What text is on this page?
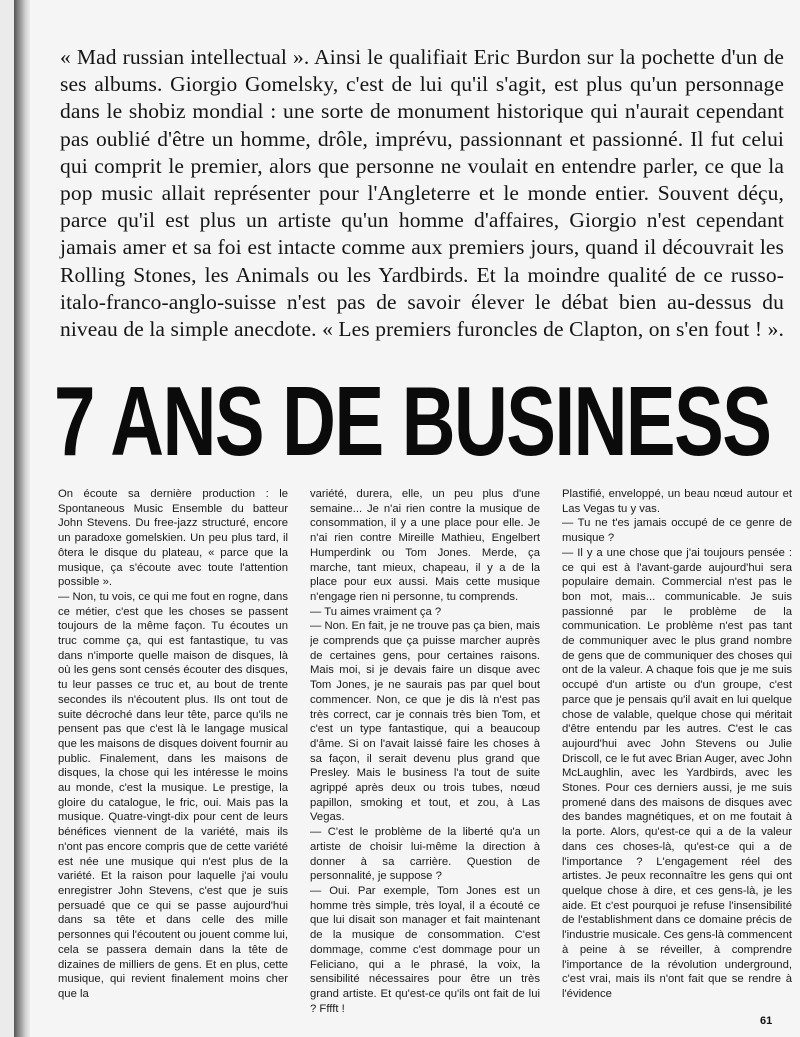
« Mad russian intellectual ». Ainsi le qualifiait Eric Burdon sur la pochette d'un de ses albums. Giorgio Gomelsky, c'est de lui qu'il s'agit, est plus qu'un personnage dans le shobiz mondial : une sorte de monument historique qui n'aurait cependant pas oublié d'être un homme, drôle, imprévu, passionnant et passionné. Il fut celui qui comprit le premier, alors que personne ne voulait en entendre parler, ce que la pop music allait représenter pour l'Angleterre et le monde entier. Souvent déçu, parce qu'il est plus un artiste qu'un homme d'affaires, Giorgio n'est cependant jamais amer et sa foi est intacte comme aux premiers jours, quand il découvrait les Rolling Stones, les Animals ou les Yardbirds. Et la moindre qualité de ce russo-italo-franco-anglo-suisse n'est pas de savoir élever le débat bien au-dessus du niveau de la simple anecdote. « Les premiers furoncles de Clapton, on s'en fout ! ».

7 ANS DE BUSINESS

On écoute sa dernière production : le Spontaneous Music Ensemble du batteur John Stevens. Du free-jazz structuré, encore un paradoxe gomelskien. Un peu plus tard, il ôtera le disque du plateau, « parce que la musique, ça s'écoute avec toute l'attention possible ».
— Non, tu vois, ce qui me fout en rogne, dans ce métier, c'est que les choses se passent toujours de la même façon. Tu écoutes un truc comme ça, qui est fantastique, tu vas dans n'importe quelle maison de disques, là où les gens sont censés écouter des disques, tu leur passes ce truc et, au bout de trente secondes ils n'écoutent plus. Ils ont tout de suite décroché dans leur tête, parce qu'ils ne pensent pas que c'est là le langage musical que les maisons de disques doivent fournir au public. Finalement, dans les maisons de disques, la chose qui les intéresse le moins au monde, c'est la musique. Le prestige, la gloire du catalogue, le fric, oui. Mais pas la musique. Quatre-vingt-dix pour cent de leurs bénéfices viennent de la variété, mais ils n'ont pas encore compris que de cette variété est née une musique qui n'est plus de la variété. Et la raison pour laquelle j'ai voulu enregistrer John Stevens, c'est que je suis persuadé que ce qui se passe aujourd'hui dans sa tête et dans celle des mille personnes qui l'écoutent ou jouent comme lui, cela se passera demain dans la tête de dizaines de milliers de gens. Et en plus, cette musique, qui revient finalement moins cher que la

variété, durera, elle, un peu plus d'une semaine... Je n'ai rien contre la musique de consommation, il y a une place pour elle. Je n'ai rien contre Mireille Mathieu, Engelbert Humperdink ou Tom Jones. Merde, ça marche, tant mieux, chapeau, il y a de la place pour eux aussi. Mais cette musique n'engage rien ni personne, tu comprends.
— Tu aimes vraiment ça ?
— Non. En fait, je ne trouve pas ça bien, mais je comprends que ça puisse marcher auprès de certaines gens, pour certaines raisons. Mais moi, si je devais faire un disque avec Tom Jones, je ne saurais pas par quel bout commencer. Non, ce que je dis là n'est pas très correct, car je connais très bien Tom, et c'est un type fantastique, qui a beaucoup d'âme. Si on l'avait laissé faire les choses à sa façon, il serait devenu plus grand que Presley. Mais le business l'a tout de suite agrippé après deux ou trois tubes, nœud papillon, smoking et tout, et zou, à Las Vegas.
— C'est le problème de la liberté qu'a un artiste de choisir lui-même la direction à donner à sa carrière. Question de personnalité, je suppose ?
— Oui. Par exemple, Tom Jones est un homme très simple, très loyal, il a écouté ce que lui disait son manager et fait maintenant de la musique de consommation. C'est dommage, comme c'est dommage pour un Feliciano, qui a le phrasé, la voix, la sensibilité nécessaires pour être un très grand artiste. Et qu'est-ce qu'ils ont fait de lui ? Fffft !

Plastifié, enveloppé, un beau nœud autour et Las Vegas tu y vas.
— Tu ne t'es jamais occupé de ce genre de musique ?
— Il y a une chose que j'ai toujours pensée : ce qui est à l'avant-garde aujourd'hui sera populaire demain. Commercial n'est pas le bon mot, mais... communicable. Je suis passionné par le problème de la communication. Le problème n'est pas tant de communiquer avec le plus grand nombre de gens que de communiquer des choses qui ont de la valeur. A chaque fois que je me suis occupé d'un artiste ou d'un groupe, c'est parce que je pensais qu'il avait en lui quelque chose de valable, quelque chose qui méritait d'être entendu par les autres. C'est le cas aujourd'hui avec John Stevens ou Julie Driscoll, ce le fut avec Brian Auger, avec John McLaughlin, avec les Yardbirds, avec les Stones. Pour ces derniers aussi, je me suis promené dans des maisons de disques avec des bandes magnétiques, et on me foutait à la porte. Alors, qu'est-ce qui a de la valeur dans ces choses-là, qu'est-ce qui a de l'importance ? L'engagement réel des artistes. Je peux reconnaître les gens qui ont quelque chose à dire, et ces gens-là, je les aide. Et c'est pourquoi je refuse l'insensibilité de l'establishment dans ce domaine précis de l'industrie musicale. Ces gens-là commencent à peine à se réveiller, à comprendre l'importance de la révolution underground, c'est vrai, mais ils n'ont fait que se rendre à l'évidence

61
